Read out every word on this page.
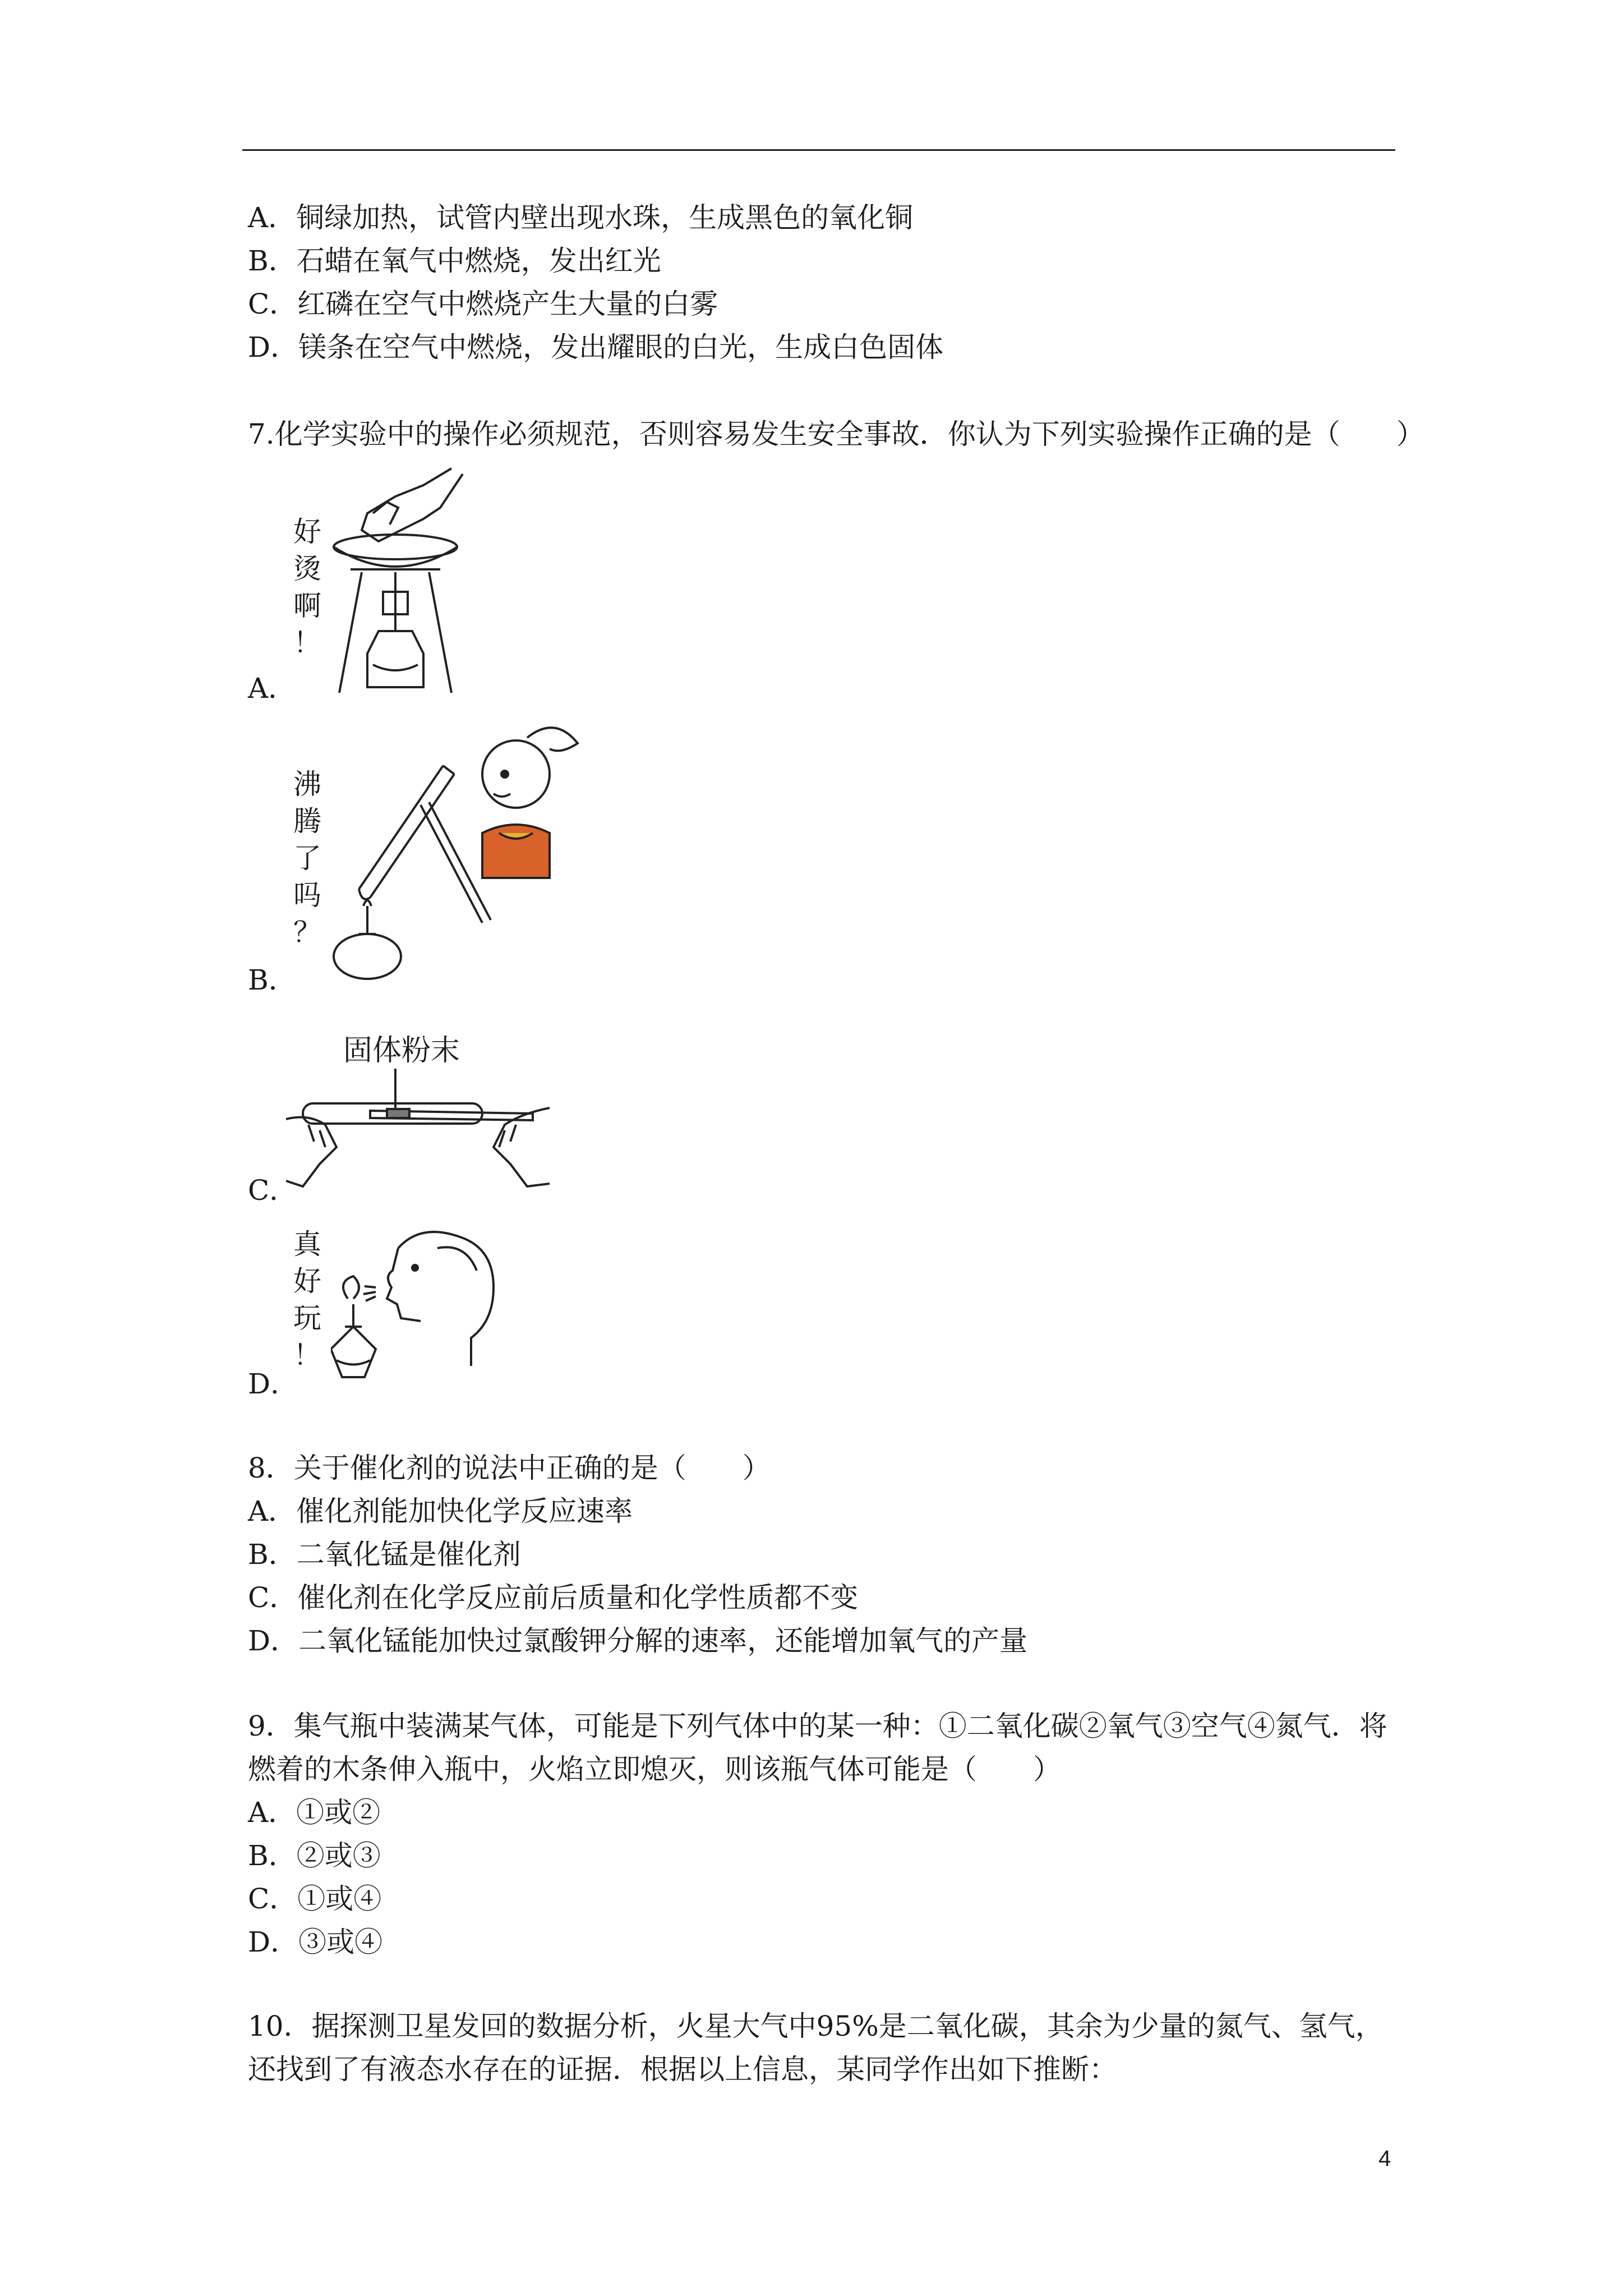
A．铜绿加热，试管内壁出现水珠，生成黑色的氧化铜
B．石蜡在氧气中燃烧，发出红光
C．红磷在空气中燃烧产生大量的白雾
D．镁条在空气中燃烧，发出耀眼的白光，生成白色固体
7.化学实验中的操作必须规范，否则容易发生安全事故．你认为下列实验操作正确的是（　　）
好
烫
啊
！
A．
沸
腾
了
吗
？
B．
固体粉末
C．
真
好
玩
！
D．
8．关于催化剂的说法中正确的是（　　）
A．催化剂能加快化学反应速率
B．二氧化锰是催化剂
C．催化剂在化学反应前后质量和化学性质都不变
D．二氧化锰能加快过氯酸钾分解的速率，还能增加氧气的产量
9．集气瓶中装满某气体，可能是下列气体中的某一种：①二氧化碳②氧气③空气④氮气．将
燃着的木条伸入瓶中，火焰立即熄灭，则该瓶气体可能是（　　）
A．①或②
B．②或③
C．①或④
D．③或④
10．据探测卫星发回的数据分析，火星大气中95%是二氧化碳，其余为少量的氮气、氢气，
还找到了有液态水存在的证据．根据以上信息，某同学作出如下推断：
4
